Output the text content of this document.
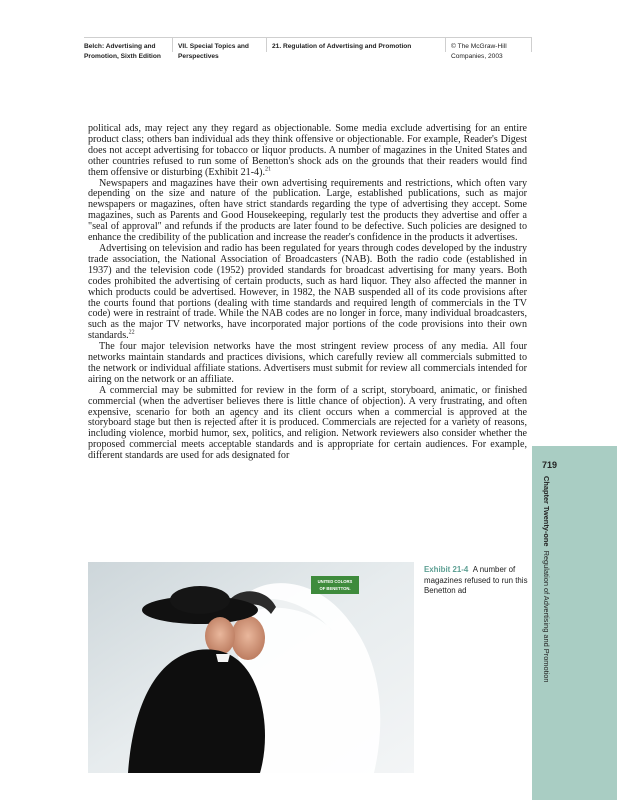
Belch: Advertising and Promotion, Sixth Edition
VII. Special Topics and Perspectives
21. Regulation of Advertising and Promotion	© The McGraw-Hill Companies, 2003

political ads, may reject any they regard as objectionable. Some media exclude advertising for an entire product class; others ban individual ads they think offensive or objectionable. For example, Reader's Digest does not accept advertising for tobacco or liquor products. A number of magazines in the United States and other countries refused to run some of Benetton's shock ads on the grounds that their readers would find them offensive or disturbing (Exhibit 21-4).$^{21}$

Newspapers and magazines have their own advertising requirements and restrictions, which often vary depending on the size and nature of the publication. Large, established publications, such as major newspapers or magazines, often have strict standards regarding the type of advertising they accept. Some magazines, such as Parents and Good Housekeeping, regularly test the products they advertise and offer a "seal of approval" and refunds if the products are later found to be defective. Such policies are designed to enhance the credibility of the publication and increase the reader's confidence in the products it advertises.

Advertising on television and radio has been regulated for years through codes developed by the industry trade association, the National Association of Broadcasters (NAB). Both the radio code (established in 1937) and the television code (1952) provided standards for broadcast advertising for many years. Both codes prohibited the advertising of certain products, such as hard liquor. They also affected the manner in which products could be advertised. However, in 1982, the NAB suspended all of its code provisions after the courts found that portions (dealing with time standards and required length of commercials in the TV code) were in restraint of trade. While the NAB codes are no longer in force, many individual broadcasters, such as the major TV networks, have incorporated major portions of the code provisions into their own standards.$^{22}$

The four major television networks have the most stringent review process of any media. All four networks maintain standards and practices divisions, which carefully review all commercials submitted to the network or individual affiliate stations. Advertisers must submit for review all commercials intended for airing on the network or an affiliate.

A commercial may be submitted for review in the form of a script, storyboard, animatic, or finished commercial (when the advertiser believes there is little chance of objection). A very frustrating, and often expensive, scenario for both an agency and its client occurs when a commercial is approved at the storyboard stage but then is rejected after it is produced. Commercials are rejected for a variety of reasons, including violence, morbid humor, sex, politics, and religion. Network reviewers also consider whether the proposed commercial meets acceptable standards and is appropriate for certain audiences. For example, different standards are used for ads designated for

719
Chapter Twenty-one  Regulation of Advertising and Promotion
Exhibit 21-4 A number of magazines refused to run this Benetton ad
UNITED COLORS
OF BENETTON.
